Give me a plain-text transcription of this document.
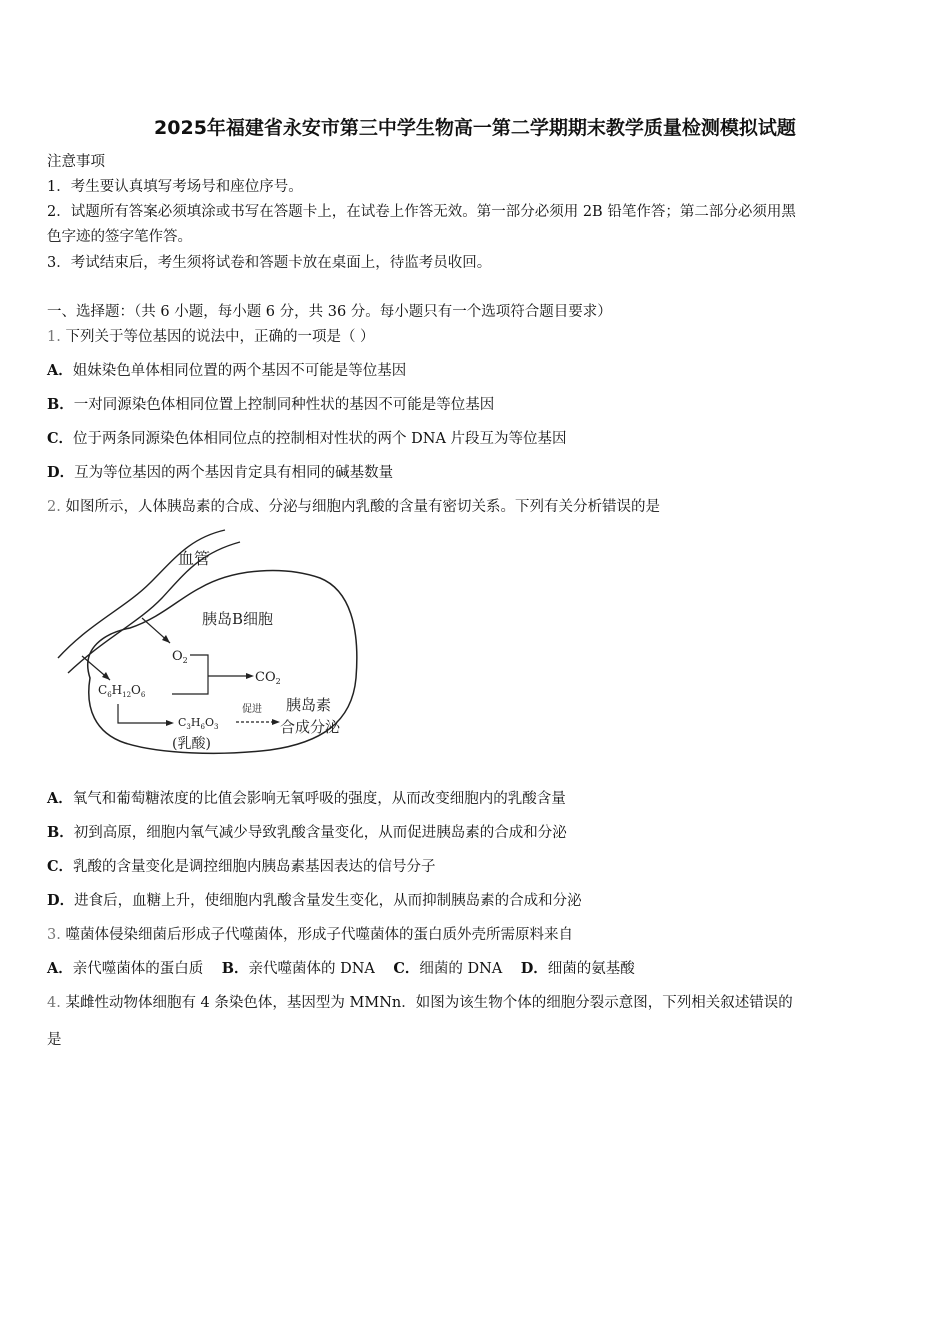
2025年福建省永安市第三中学生物高一第二学期期末教学质量检测模拟试题
注意事项
1．考生要认真填写考场号和座位序号。
2．试题所有答案必须填涂或书写在答题卡上，在试卷上作答无效。第一部分必须用 2B 铅笔作答；第二部分必须用黑
色字迹的签字笔作答。
3．考试结束后，考生须将试卷和答题卡放在桌面上，待监考员收回。
一、选择题：（共 6 小题，每小题 6 分，共 36 分。每小题只有一个选项符合题目要求）
1. 下列关于等位基因的说法中，正确的一项是（ ）
A．姐妹染色单体相同位置的两个基因不可能是等位基因
B．一对同源染色体相同位置上控制同种性状的基因不可能是等位基因
C．位于两条同源染色体相同位点的控制相对性状的两个 DNA 片段互为等位基因
D．互为等位基因的两个基因肯定具有相同的碱基数量
2. 如图所示，人体胰岛素的合成、分泌与细胞内乳酸的含量有密切关系。下列有关分析错误的是
血管
胰岛B细胞
$O_2$
$C_6H_{12}O_6$
$CO_2$
$C_3H_6O_3$
(乳酸)
促进 胰岛素
合成分泌
A．氧气和葡萄糖浓度的比值会影响无氧呼吸的强度，从而改变细胞内的乳酸含量
B．初到高原，细胞内氧气减少导致乳酸含量变化，从而促进胰岛素的合成和分泌
C．乳酸的含量变化是调控细胞内胰岛素基因表达的信号分子
D．进食后，血糖上升，使细胞内乳酸含量发生变化，从而抑制胰岛素的合成和分泌
3. 噬菌体侵染细菌后形成子代噬菌体，形成子代噬菌体的蛋白质外壳所需原料来自
A．亲代噬菌体的蛋白质 B．亲代噬菌体的 DNA C．细菌的 DNA D．细菌的氨基酸
4. 某雌性动物体细胞有 4 条染色体，基因型为 MMNn．如图为该生物个体的细胞分裂示意图，下列相关叙述错误的
是
